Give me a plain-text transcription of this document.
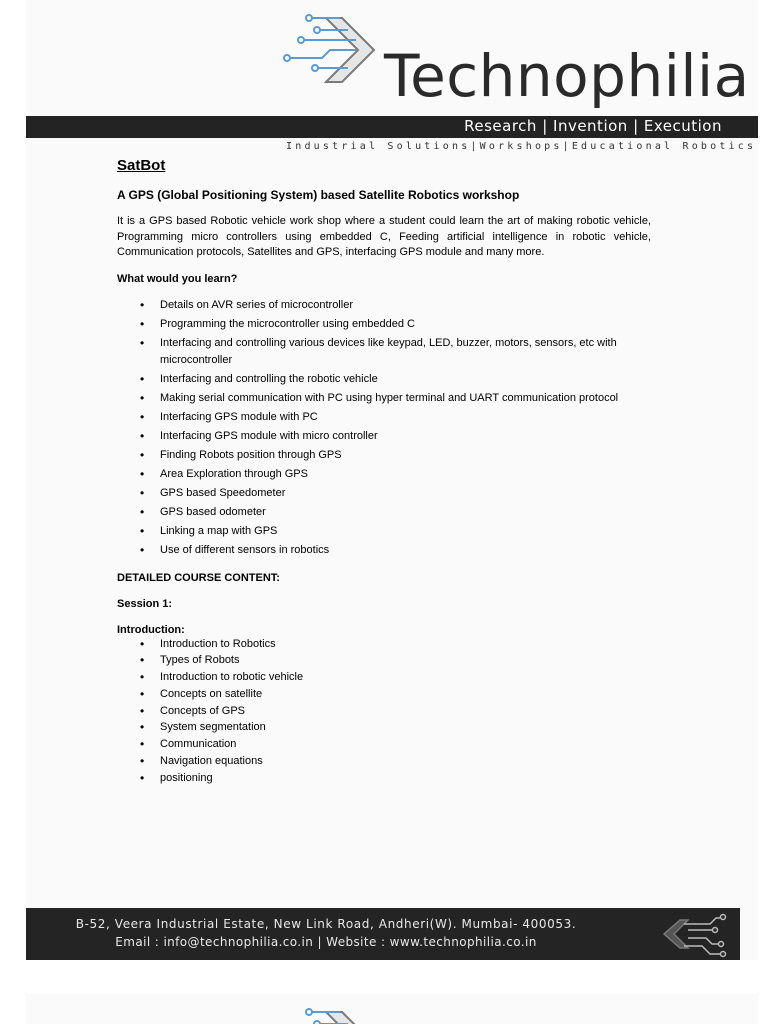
Technophilia
Research | Invention | Execution
Industrial Solutions|Workshops|Educational Robotics
SatBot
A GPS (Global Positioning System) based Satellite Robotics workshop
It is a GPS based Robotic vehicle work shop where a student could learn the art of making robotic vehicle, Programming micro controllers using embedded C, Feeding artificial intelligence in robotic vehicle, Communication protocols, Satellites and GPS, interfacing GPS module and many more.
What would you learn?
• Details on AVR series of microcontroller
• Programming the microcontroller using embedded C
• Interfacing and controlling various devices like keypad, LED, buzzer, motors, sensors, etc with microcontroller
• Interfacing and controlling the robotic vehicle
• Making serial communication with PC using hyper terminal and UART communication protocol
• Interfacing GPS module with PC
• Interfacing GPS module with micro controller
• Finding Robots position through GPS
• Area Exploration through GPS
• GPS based Speedometer
• GPS based odometer
• Linking a map with GPS
• Use of different sensors in robotics
DETAILED COURSE CONTENT:
Session 1:
Introduction:
• Introduction to Robotics
• Types of Robots
• Introduction to robotic vehicle
• Concepts on satellite
• Concepts of GPS
• System segmentation
• Communication
• Navigation equations
• positioning
B-52, Veera Industrial Estate, New Link Road, Andheri(W). Mumbai- 400053.
Email : info@technophilia.co.in | Website : www.technophilia.co.in
